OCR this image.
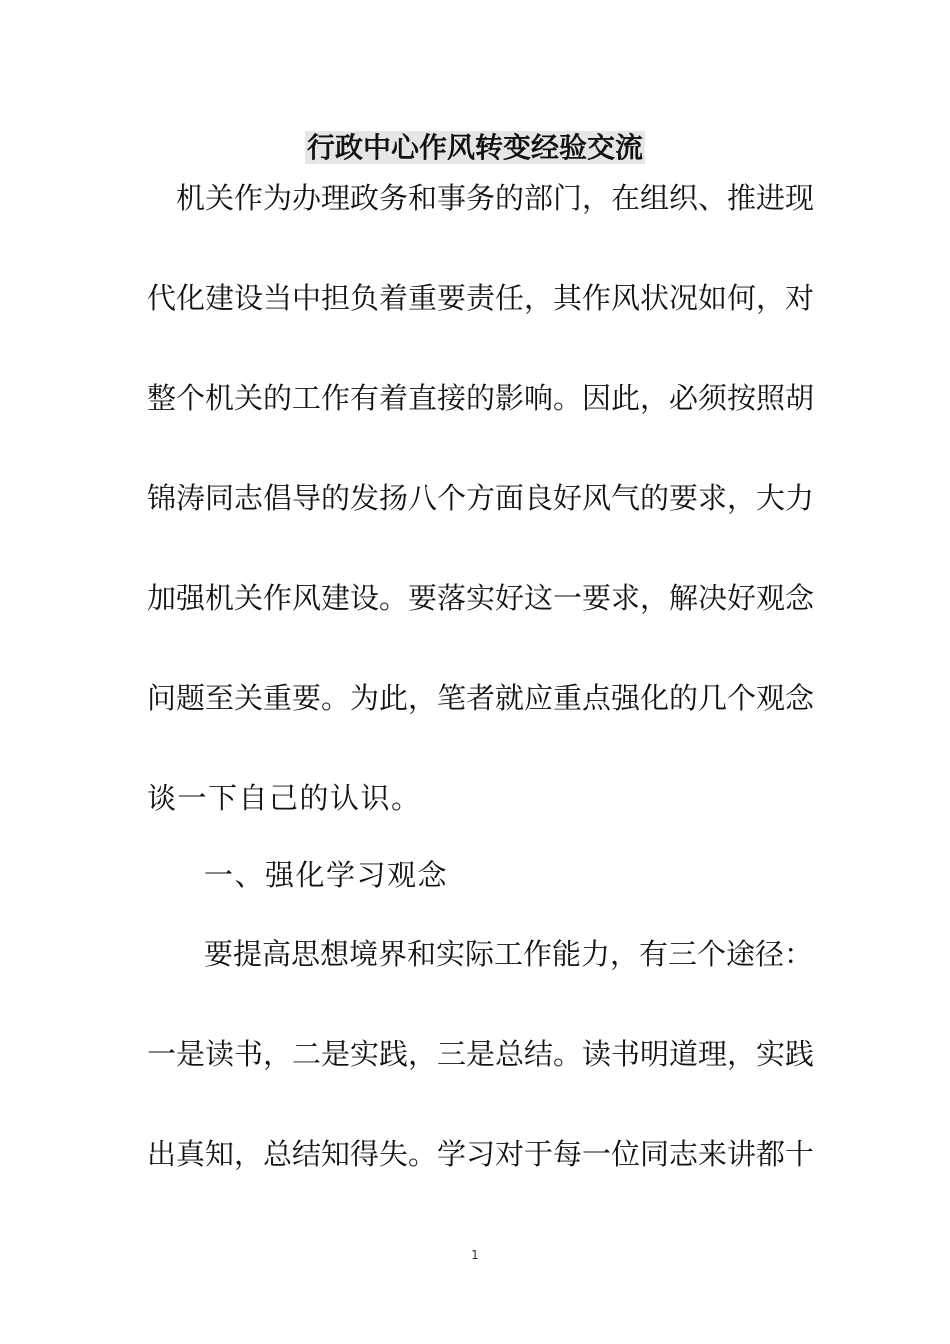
行政中心作风转变经验交流
机关作为办理政务和事务的部门，在组织、推进现
代化建设当中担负着重要责任，其作风状况如何，对
整个机关的工作有着直接的影响。因此，必须按照胡
锦涛同志倡导的发扬八个方面良好风气的要求，大力
加强机关作风建设。要落实好这一要求，解决好观念
问题至关重要。为此，笔者就应重点强化的几个观念
谈一下自己的认识。
一、强化学习观念
要提高思想境界和实际工作能力，有三个途径：
一是读书，二是实践，三是总结。读书明道理，实践
出真知，总结知得失。学习对于每一位同志来讲都十
1
